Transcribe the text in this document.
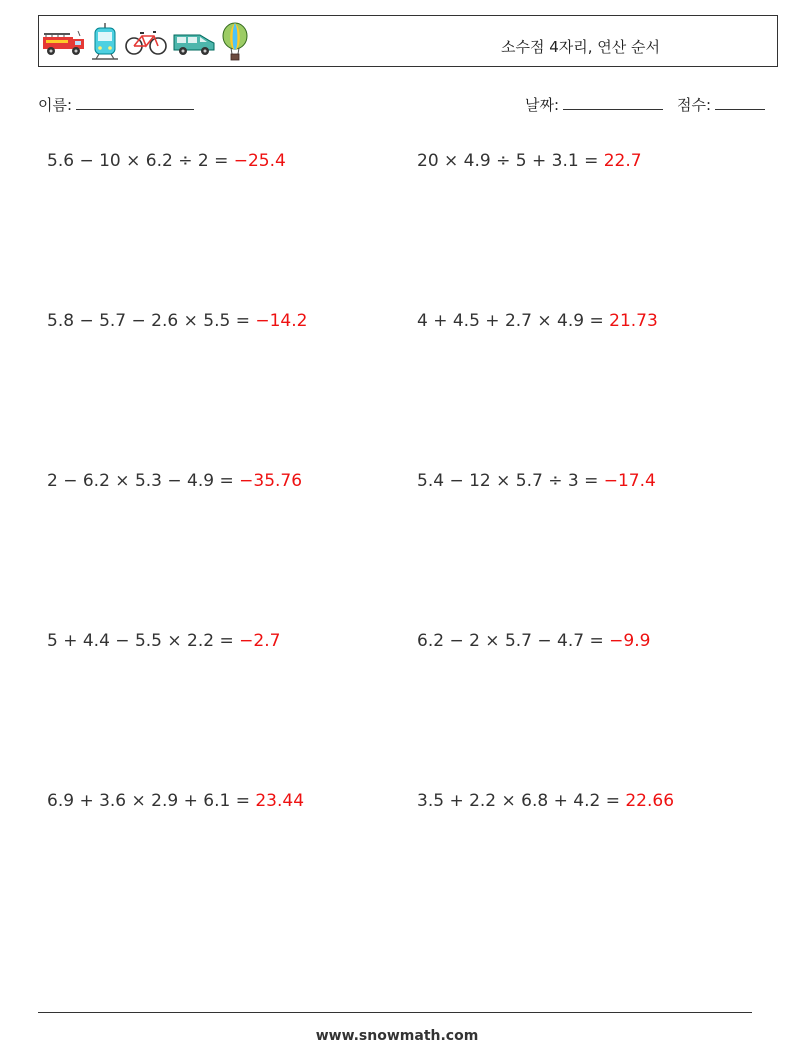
소수점 4자리, 연산 순서
이름:	날짜:	점수:
5.6 − 10 × 6.2 ÷ 2 = −25.4	20 × 4.9 ÷ 5 + 3.1 = 22.7
5.8 − 5.7 − 2.6 × 5.5 = −14.2	4 + 4.5 + 2.7 × 4.9 = 21.73
2 − 6.2 × 5.3 − 4.9 = −35.76	5.4 − 12 × 5.7 ÷ 3 = −17.4
5 + 4.4 − 5.5 × 2.2 = −2.7	6.2 − 2 × 5.7 − 4.7 = −9.9
6.9 + 3.6 × 2.9 + 6.1 = 23.44	3.5 + 2.2 × 6.8 + 4.2 = 22.66
www.snowmath.com
